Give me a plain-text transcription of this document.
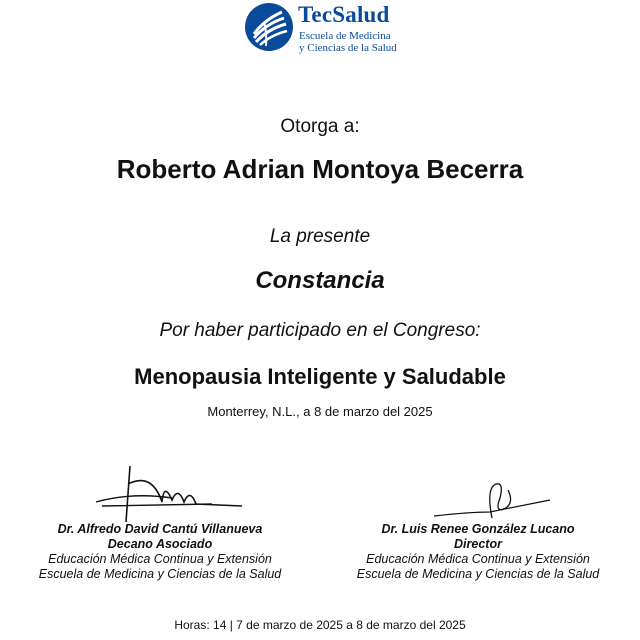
TecSalud
Escuela de Medicina
y Ciencias de la Salud
Otorga a:
Roberto Adrian Montoya Becerra
La presente
Constancia
Por haber participado en el Congreso:
Menopausia Inteligente y Saludable
Monterrey, N.L., a 8 de marzo del 2025
Dr. Alfredo David Cantú Villanueva
Decano Asociado
Educación Médica Continua y Extensión
Escuela de Medicina y Ciencias de la Salud
Dr. Luis Renee González Lucano
Director
Educación Médica Continua y Extensión
Escuela de Medicina y Ciencias de la Salud
Horas: 14 | 7 de marzo de 2025 a 8 de marzo del 2025
